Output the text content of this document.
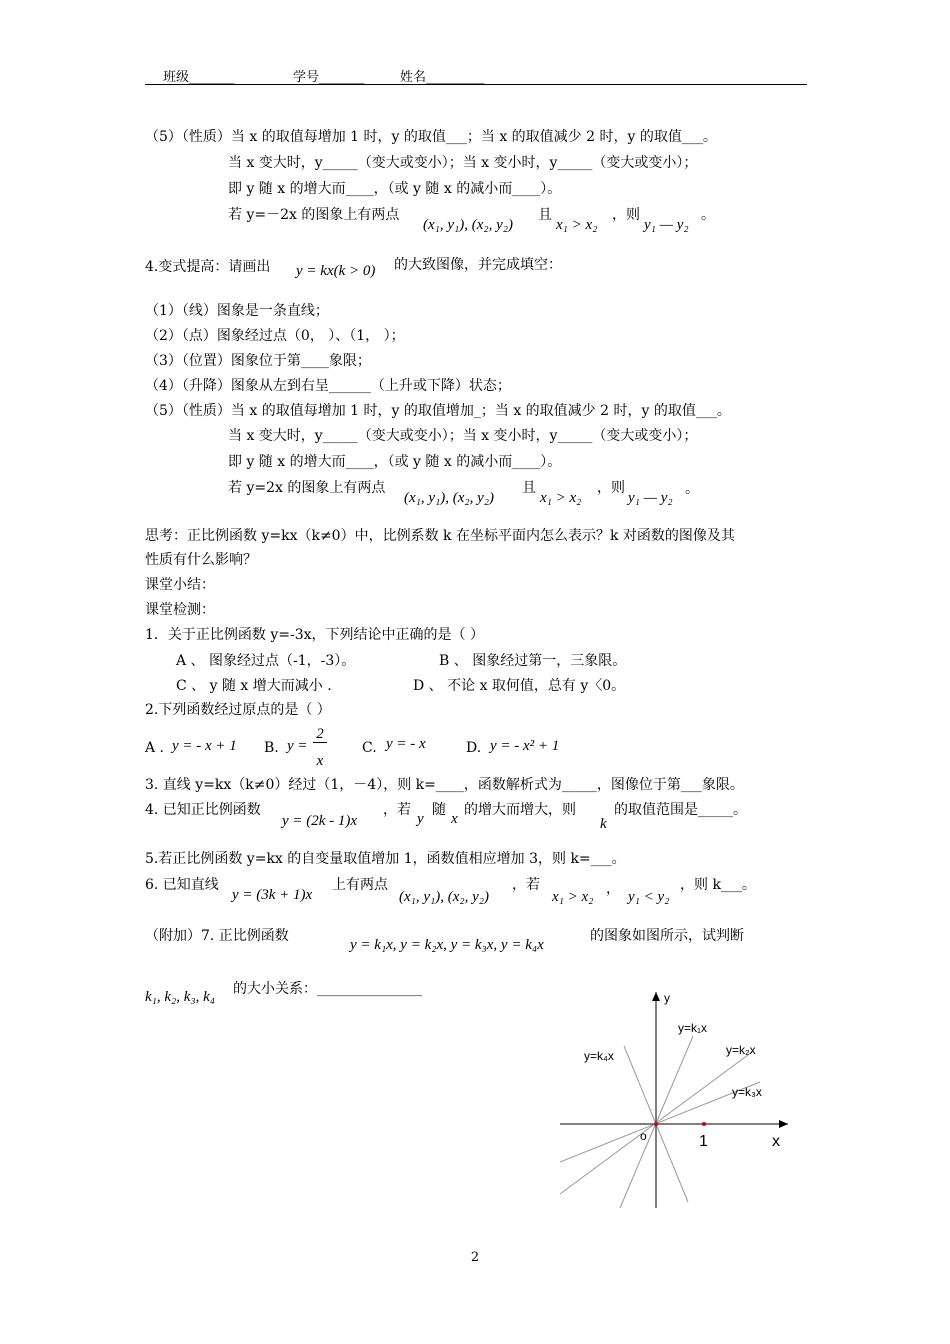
班级_______	学号_______	姓名_________
（5）（性质）当 x 的取值每增加 1 时，y 的取值___；当 x 的取值减少 2 时，y 的取值___。
当 x 变大时，y_____（变大或变小）；当 x 变小时，y_____（变大或变小）；
即 y 随 x 的增大而____，（或 y 随 x 的减小而____）。
若 y=－2x 的图象上有两点
(x₁, y₁), (x₂, y₂)
且
x₁ > x₂
，则
y₁ — y₂
。
4.变式提高：请画出 y = kx(k > 0) 的大致图像，并完成填空：
（1）（线）图象是一条直线；
（2）（点）图象经过点（0， ）、（1， ）；
（3）（位置）图象位于第____象限；
（4）（升降）图象从左到右呈______（上升或下降）状态；
（5）（性质）当 x 的取值每增加 1 时，y 的取值增加_；当 x 的取值减少 2 时，y 的取值___。
当 x 变大时，y_____（变大或变小）；当 x 变小时，y_____（变大或变小）；
即 y 随 x 的增大而____，（或 y 随 x 的减小而____）。
若 y=2x 的图象上有两点
(x₁, y₁), (x₂, y₂)
且
x₁ > x₂
，则
y₁ — y₂
。
思考：正比例函数 y=kx（k≠0）中，比例系数 k 在坐标平面内怎么表示？k 对函数的图像及其
性质有什么影响？
课堂小结：
课堂检测：
1．关于正比例函数 y=-3x，下列结论中正确的是（ ）
A 、 图象经过点（-1，-3）。	B 、 图象经过第一，三象限。
C 、 y 随 x 增大而减小 .	D 、 不论 x 取何值，总有 y〈0。
2.下列函数经过原点的是（ ）
A . y = - x + 1 B. y =
2
x
C. y = - x	D. y = - x² + 1
3. 直线 y=kx（k≠0）经过（1，－4），则 k=____，函数解析式为_____，图像位于第___象限。
4. 已知正比例函数
y = (2k - 1)x
，若
y
随
x
的增大而增大，则
k
的取值范围是_____。
5.若正比例函数 y=kx 的自变量取值增加 1，函数值相应增加 3，则 k=___。
6. 已知直线
y = (3k + 1)x
上有两点
(x₁, y₁), (x₂, y₂)
，若
x₁ > x₂ ， y₁ < y₂
，则 k___。
（附加）7. 正比例函数
y = k₁x, y = k₂x, y = k₃x, y = k₄x
的图象如图所示，试判断
k₁, k₂, k₃, k₄ 的大小关系：_______________
y
x
o	1
y=k₁x
y=k₂x
y=k₃x
y=k₄x
2
